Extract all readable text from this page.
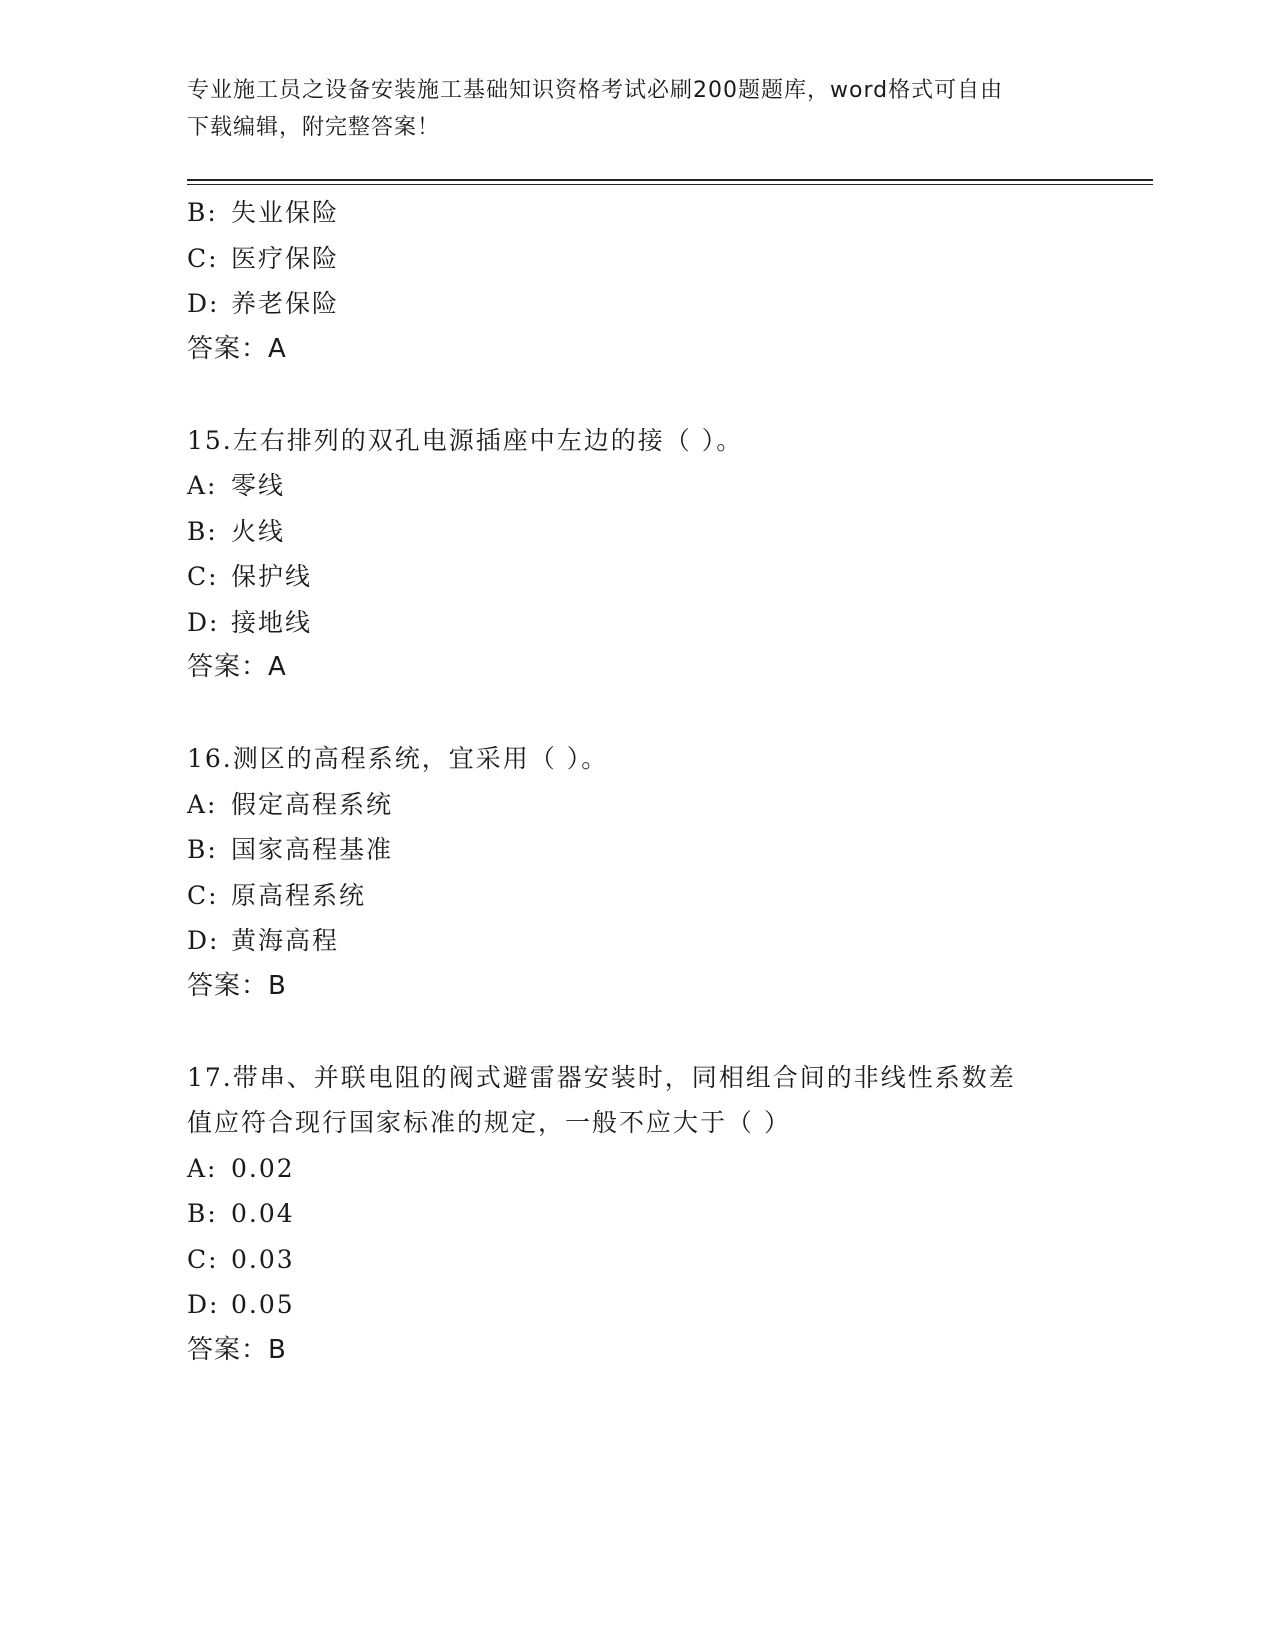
专业施工员之设备安装施工基础知识资格考试必刷200题题库，word格式可自由
下载编辑，附完整答案！
B: 失业保险
C: 医疗保险
D: 养老保险
答案：A
15.左右排列的双孔电源插座中左边的接（ ）。
A: 零线
B: 火线
C: 保护线
D: 接地线
答案：A
16.测区的高程系统，宜采用（ ）。
A: 假定高程系统
B: 国家高程基准
C: 原高程系统
D: 黄海高程
答案：B
17.带串、并联电阻的阀式避雷器安装时，同相组合间的非线性系数差
值应符合现行国家标准的规定，一般不应大于（ ）
A: 0.02
B: 0.04
C: 0.03
D: 0.05
答案：B
